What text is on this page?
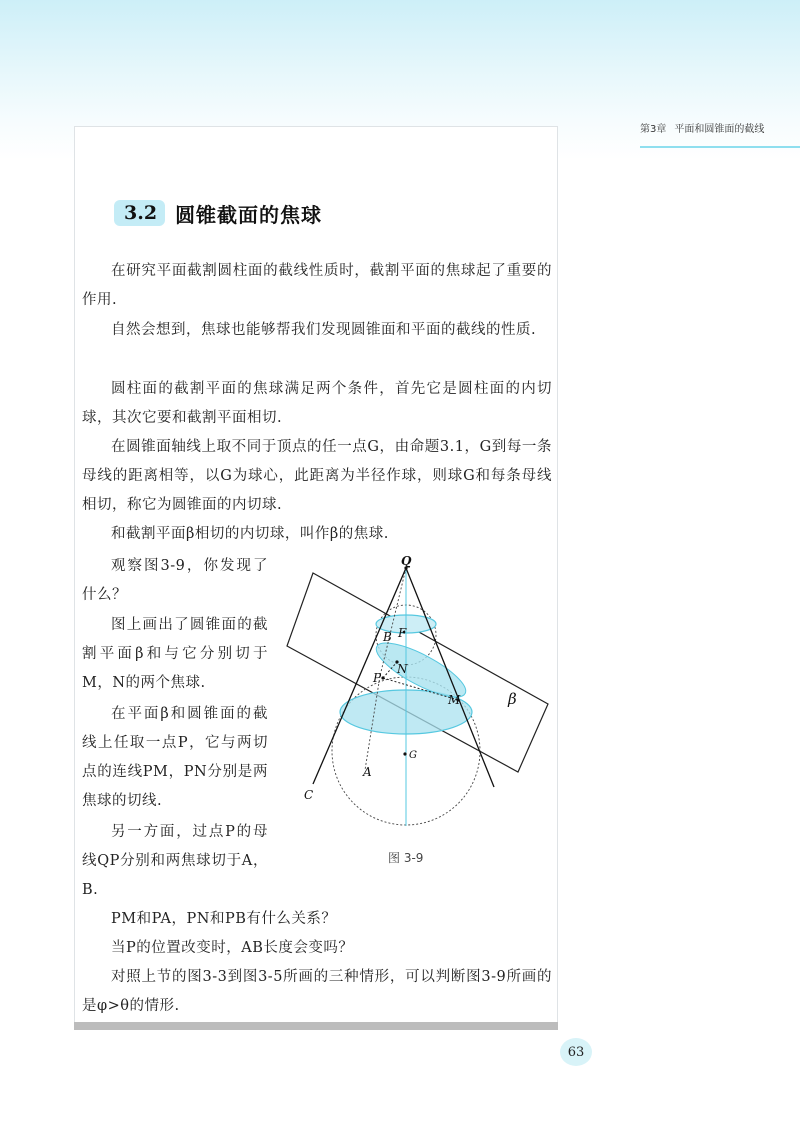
第3章 平面和圆锥面的截线
3.2 圆锥截面的焦球

在研究平面截割圆柱面的截线性质时，截割平面的焦球起了重要的作用.

自然会想到，焦球也能够帮我们发现圆锥面和平面的截线的性质.

圆柱面的截割平面的焦球满足两个条件，首先它是圆柱面的内切球，其次它要和截割平面相切.

在圆锥面轴线上取不同于顶点的任一点G，由命题3.1，G到每一条母线的距离相等，以G为球心，此距离为半径作球，则球G和每条母线相切，称它为圆锥面的内切球.

和截割平面β相切的内切球，叫作β的焦球.

观察图3-9，你发现了什么？

图上画出了圆锥面的截割平面β和与它分别切于M，N的两个焦球.

在平面β和圆锥面的截线上任取一点P，它与两切点的连线PM，PN分别是两焦球的切线.

另一方面，过点P的母线QP分别和两焦球切于A，B.

PM和PA，PN和PB有什么关系？

当P的位置改变时，AB长度会变吗？

对照上节的图3-3到图3-5所画的三种情形，可以判断图3-9所画的是φ>θ的情形.

Q
F
B
N
P
M	β
G
A
C
图 3-9
63
